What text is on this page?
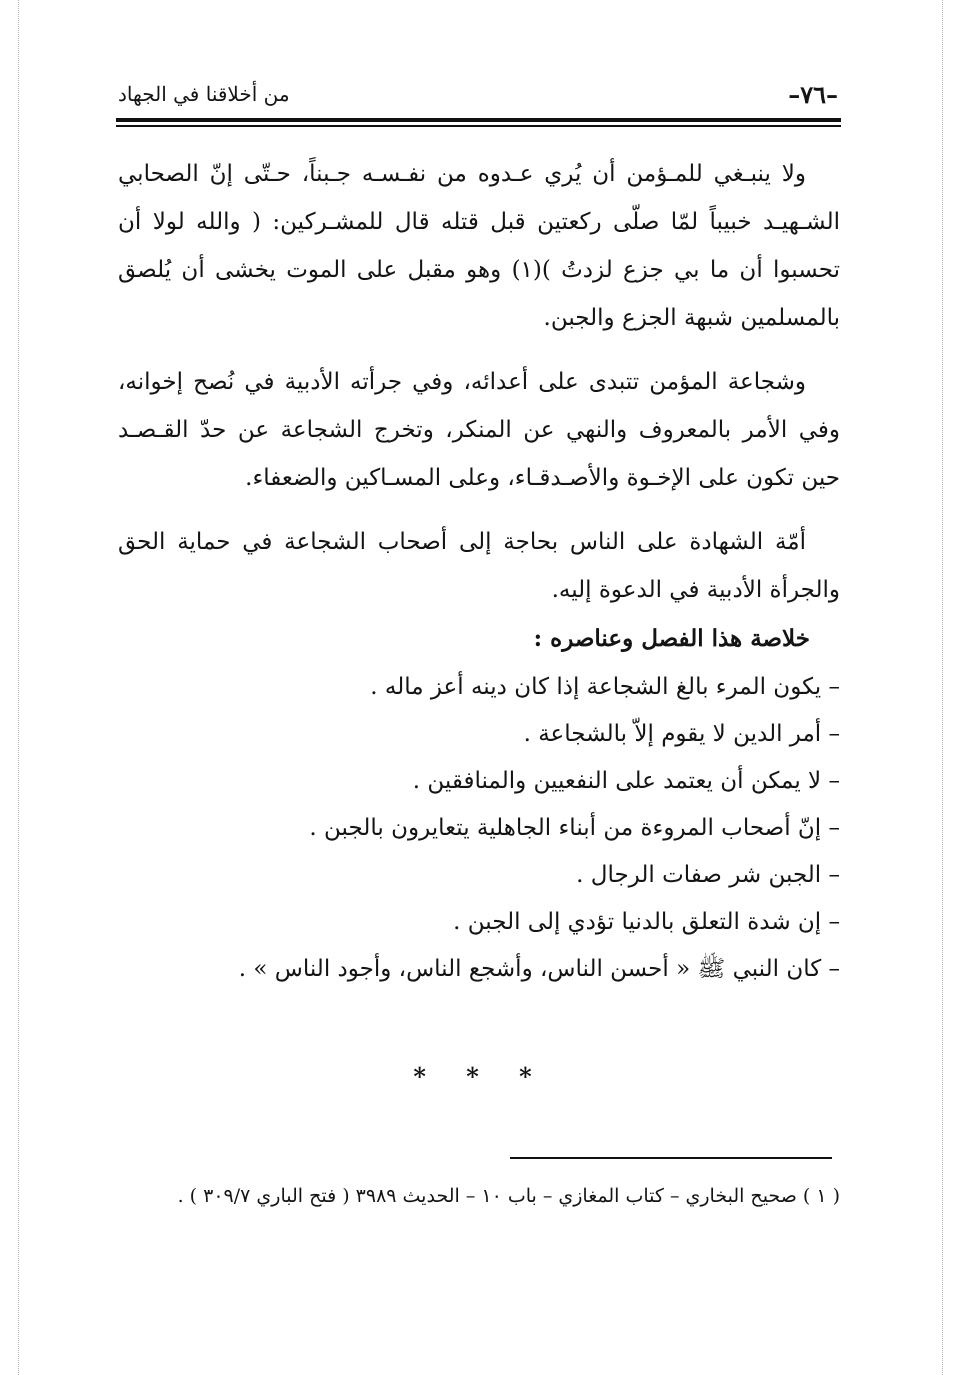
–٧٦–
من أخلاقنا في الجهاد

ولا ينبـغي للمـؤمن أن يُري عـدوه من نفـسـه جـبناً، حـتّى إنّ الصحابي الشـهيـد خبيباً لمّا صلّى ركعتين قبل قتله قال للمشـركين: ( والله لولا أن تحسبوا أن ما بي جزع لزدتُ )(١) وهو مقبل على الموت يخشى أن يُلصق بالمسلمين شبهة الجزع والجبن.

وشجاعة المؤمن تتبدى على أعدائه، وفي جرأته الأدبية في نُصح إخوانه، وفي الأمر بالمعروف والنهي عن المنكر، وتخرج الشجاعة عن حدّ القـصـد حين تكون على الإخـوة والأصـدقـاء، وعلى المسـاكين والضعفاء.

أمّة الشهادة على الناس بحاجة إلى أصحاب الشجاعة في حماية الحق والجرأة الأدبية في الدعوة إليه.

خلاصة هذا الفصل وعناصره :

– يكون المرء بالغ الشجاعة إذا كان دينه أعز ماله .
– أمر الدين لا يقوم إلاّ بالشجاعة .
– لا يمكن أن يعتمد على النفعيين والمنافقين .
– إنّ أصحاب المروءة من أبناء الجاهلية يتعايرون بالجبن .
– الجبن شر صفات الرجال .
– إن شدة التعلق بالدنيا تؤدي إلى الجبن .
– كان النبي ﷺ « أحسن الناس، وأشجع الناس، وأجود الناس » .
* * *

( ١ ) صحيح البخاري – كتاب المغازي – باب ١٠ – الحديث ٣٩٨٩ ( فتح الباري ٣٠٩/٧ ) .
